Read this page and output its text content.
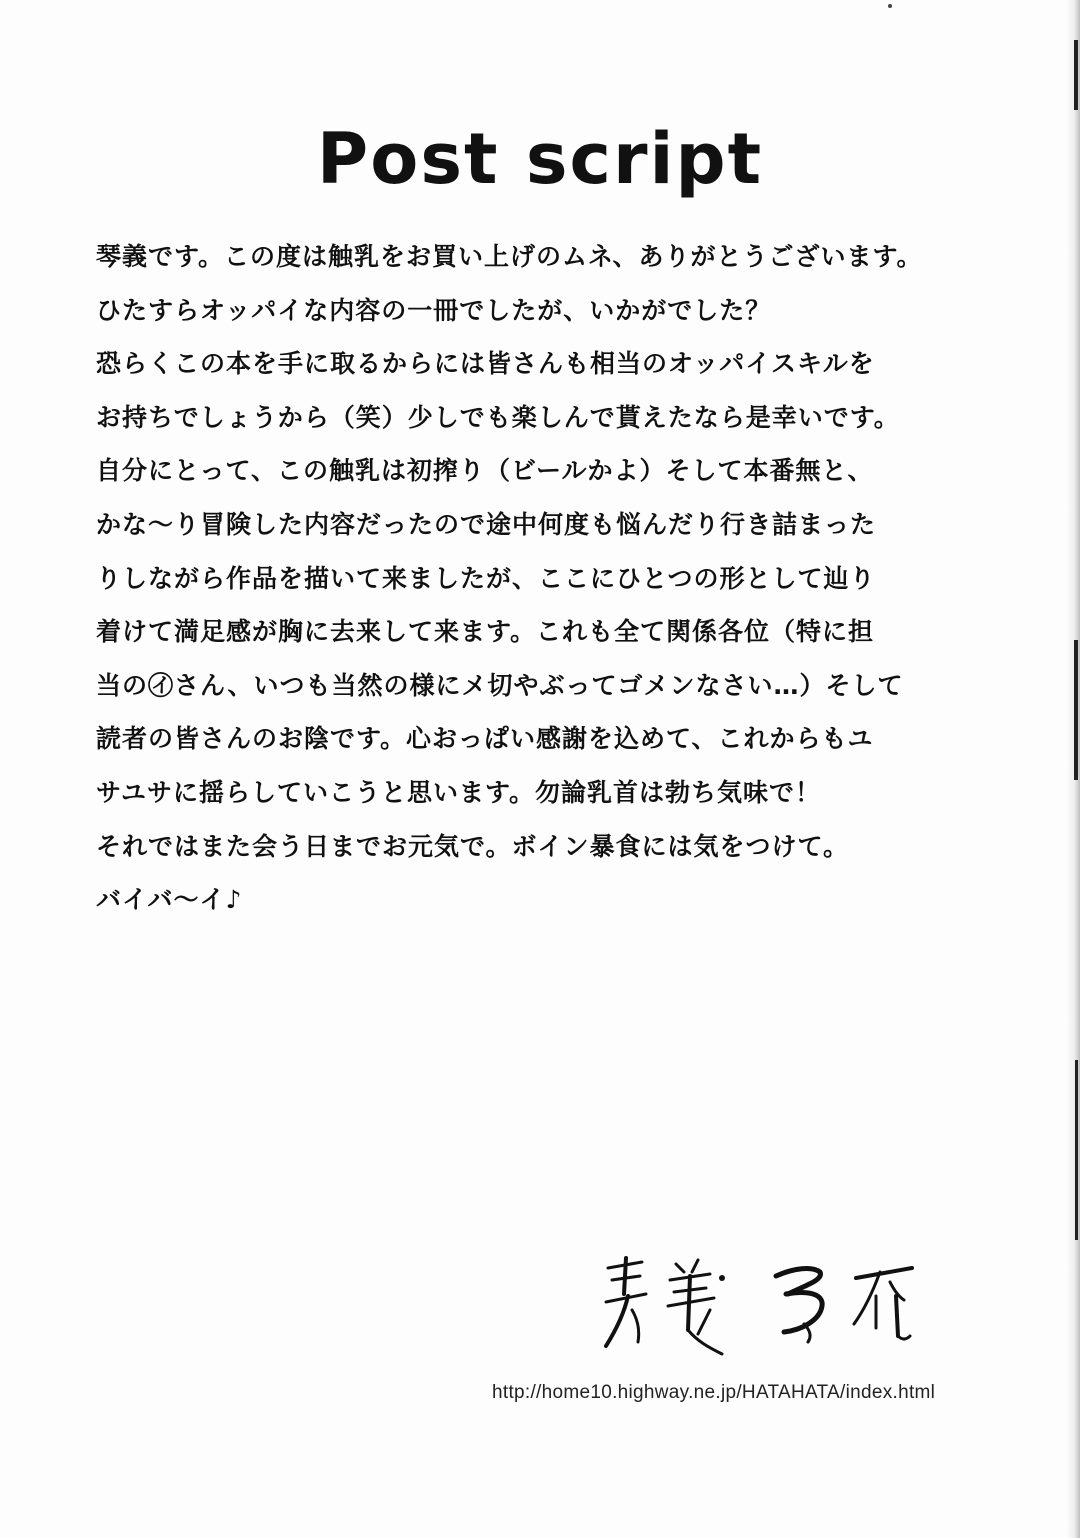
Post script
琴義です。この度は触乳をお買い上げのムネ、ありがとうございます。
ひたすらオッパイな内容の一冊でしたが、いかがでした？
恐らくこの本を手に取るからには皆さんも相当のオッパイスキルを
お持ちでしょうから（笑）少しでも楽しんで貰えたなら是幸いです。
自分にとって、この触乳は初搾り（ビールかよ）そして本番無と、
かな〜り冒険した内容だったので途中何度も悩んだり行き詰まった
りしながら作品を描いて来ましたが、ここにひとつの形として辿り
着けて満足感が胸に去来して来ます。これも全て関係各位（特に担
当の㋑さん、いつも当然の様にメ切やぶってゴメンなさい…）そして
読者の皆さんのお陰です。心おっぱい感謝を込めて、これからもユ
サユサに揺らしていこうと思います。勿論乳首は勃ち気味で！
それではまた会う日までお元気で。ボイン暴食には気をつけて。
バイバ〜イ♪
http://home10.highway.ne.jp/HATAHATA/index.html
